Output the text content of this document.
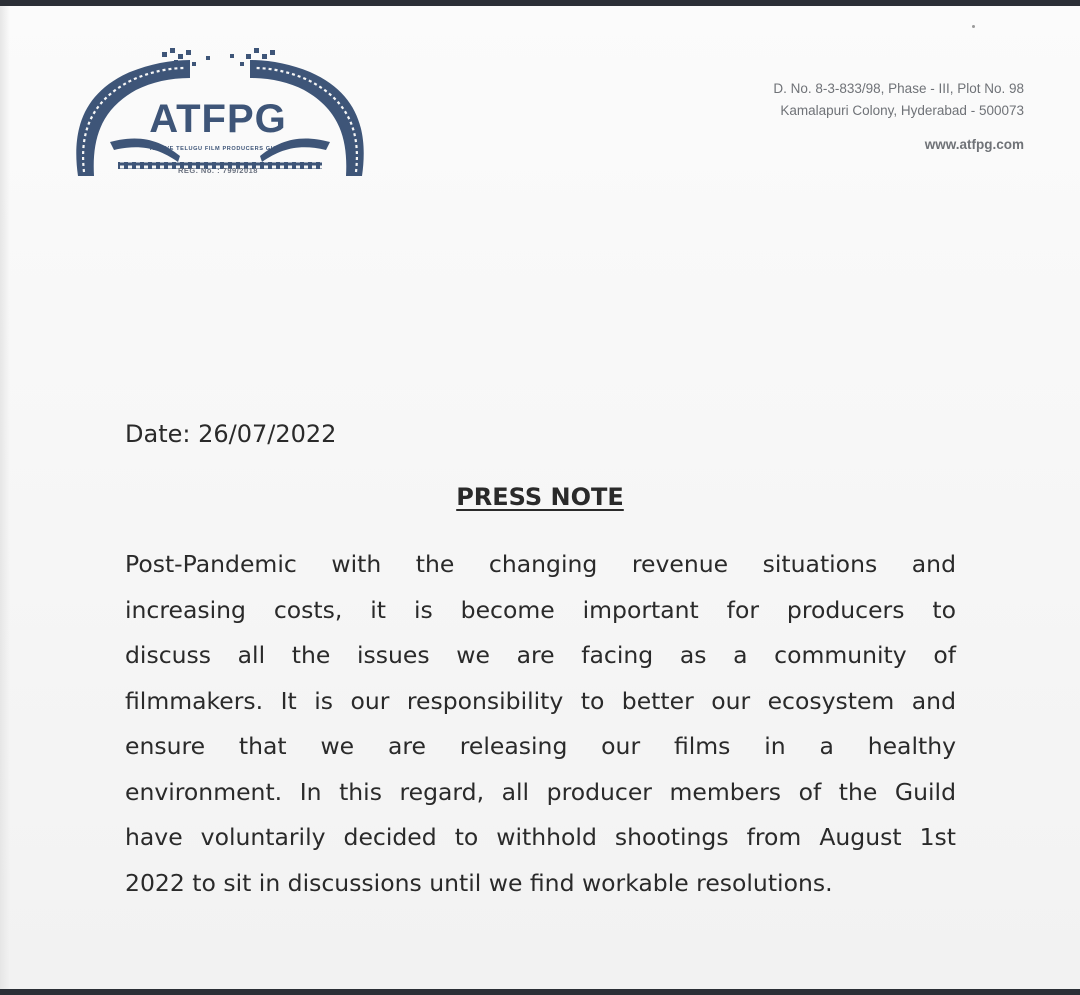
ATFPG
ACTIVE TELUGU FILM PRODUCERS GUILD
REG. No. : 799/2018
D. No. 8-3-833/98, Phase - III, Plot No. 98
Kamalapuri Colony, Hyderabad - 500073
www.atfpg.com
Date: 26/07/2022
PRESS NOTE
Post-Pandemic with the changing revenue situations and
increasing costs, it is become important for producers to
discuss all the issues we are facing as a community of
filmmakers. It is our responsibility to better our ecosystem and
ensure that we are releasing our films in a healthy
environment. In this regard, all producer members of the Guild
have voluntarily decided to withhold shootings from August 1st
2022 to sit in discussions until we find workable resolutions.
